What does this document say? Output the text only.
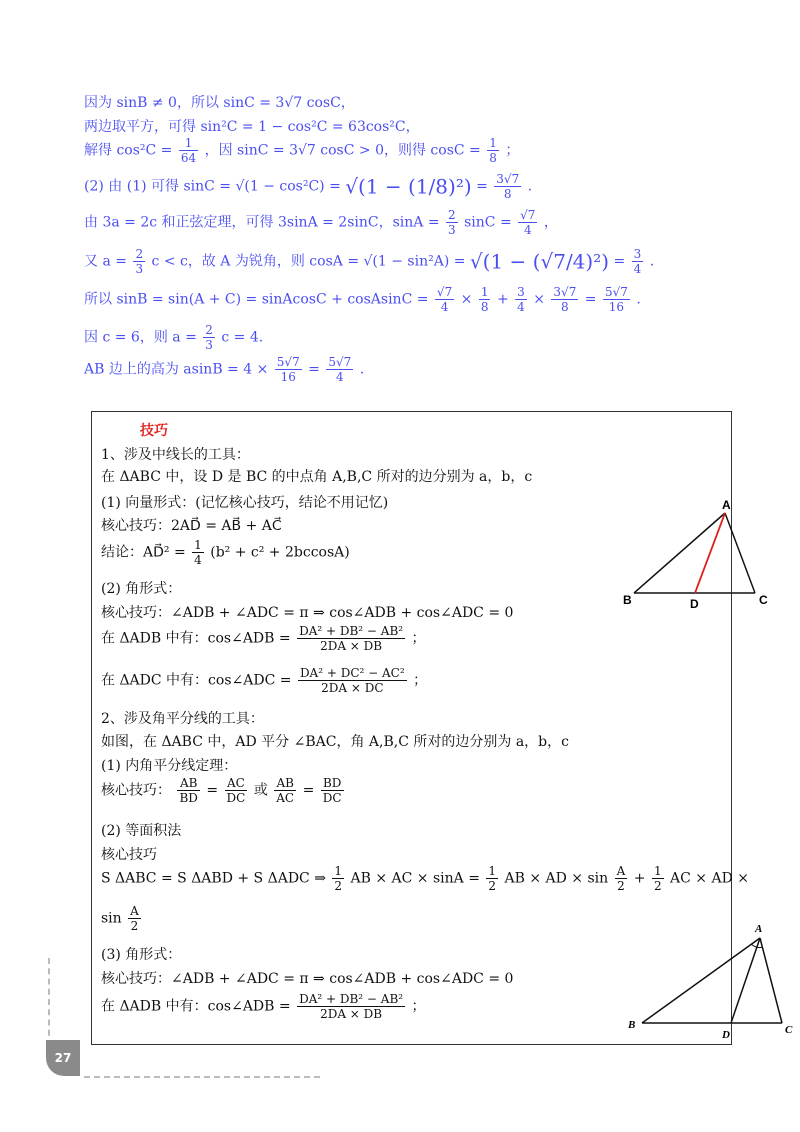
因为 sinB ≠ 0，所以 sinC = 3√7 cosC，
两边取平方，可得 sin²C = 1 − cos²C = 63cos²C，
解得 $\cos^2C = \frac{1}{64}$ ，因 sinC = 3√7 cosC > 0，则得 $\cos C = \frac{1}{8}$ ；
(2) 由 (1) 可得 $\sin C = √(1 - \cos^2C) = √(1 - (1/8)^2) = \frac{3√7}{8}$ .
由 3a = 2c 和正弦定理，可得 3sinA = 2sinC，$\sin A = \frac{2}{3}$ $\sin C = \frac{√7}{4}$ ，
又 $a = \frac{2}{3}$ c < c，故 A 为锐角，则 $\cos A = √(1 - \sin^2A) = √(1 - (√7/4)^2) = \frac{3}{4}$ .
所以 sinB = sin(A + C) = sinAcosC + cosAsinC = $\frac{√7}{4} \times \frac{1}{8} + \frac{3}{4} \times \frac{3√7}{8} = \frac{5√7}{16}$ .
因 c = 6，则 $a = \frac{2}{3}$ c = 4.
AB 边上的高为 $asinB = 4 \times \frac{5√7}{16} = \frac{5√7}{4}$ .
技巧
1、涉及中线长的工具：
在 ΔABC 中，设 D 是 BC 的中点角 A,B,C 所对的边分别为 a，b，c
(1) 向量形式：(记忆核心技巧，结论不用记忆)
核心技巧：2AD⃗ = AB⃗ + AC⃗
结论：AD⃗² = $\frac{1}{4} (b^2 + c^2 + 2bccosA)$
(2) 角形式：
核心技巧：∠ADB + ∠ADC = π ⇒ cos∠ADB + cos∠ADC = 0
在 ΔADB 中有：cos∠ADB = $\frac{\text{DA² + DB² − AB²}}{2DA \times DB}$ ；
在 ΔADC 中有：cos∠ADC = $\frac{\text{DA² + DC² − AC²}}{2DA \times DC}$ ；
2、涉及角平分线的工具：
如图，在 ΔABC 中，AD 平分 ∠BAC，角 A,B,C 所对的边分别为 a，b，c
(1) 内角平分线定理：
核心技巧： $\frac{AB}{BD} = \frac{AC}{DC}$ 或 $\frac{AB}{AC} = \frac{BD}{DC}$
(2) 等面积法
核心技巧
S ΔABC = S ΔABD + S ΔADC ⇒ $\frac{1}{2}$ AB × AC × $\sin A = \frac{1}{2}$ AB × AD × $\sin \frac{A}{2} + \frac{1}{2}$ AC × AD ×
$\sin \frac{A}{2}$
(3) 角形式：
核心技巧：∠ADB + ∠ADC = π ⇒ cos∠ADB + cos∠ADC = 0
在 ΔADB 中有：cos∠ADB = $\frac{\text{DA² + DB² − AB²}}{2DA \times DB}$ ；
A
B	C
D
A
B	C
D
27
